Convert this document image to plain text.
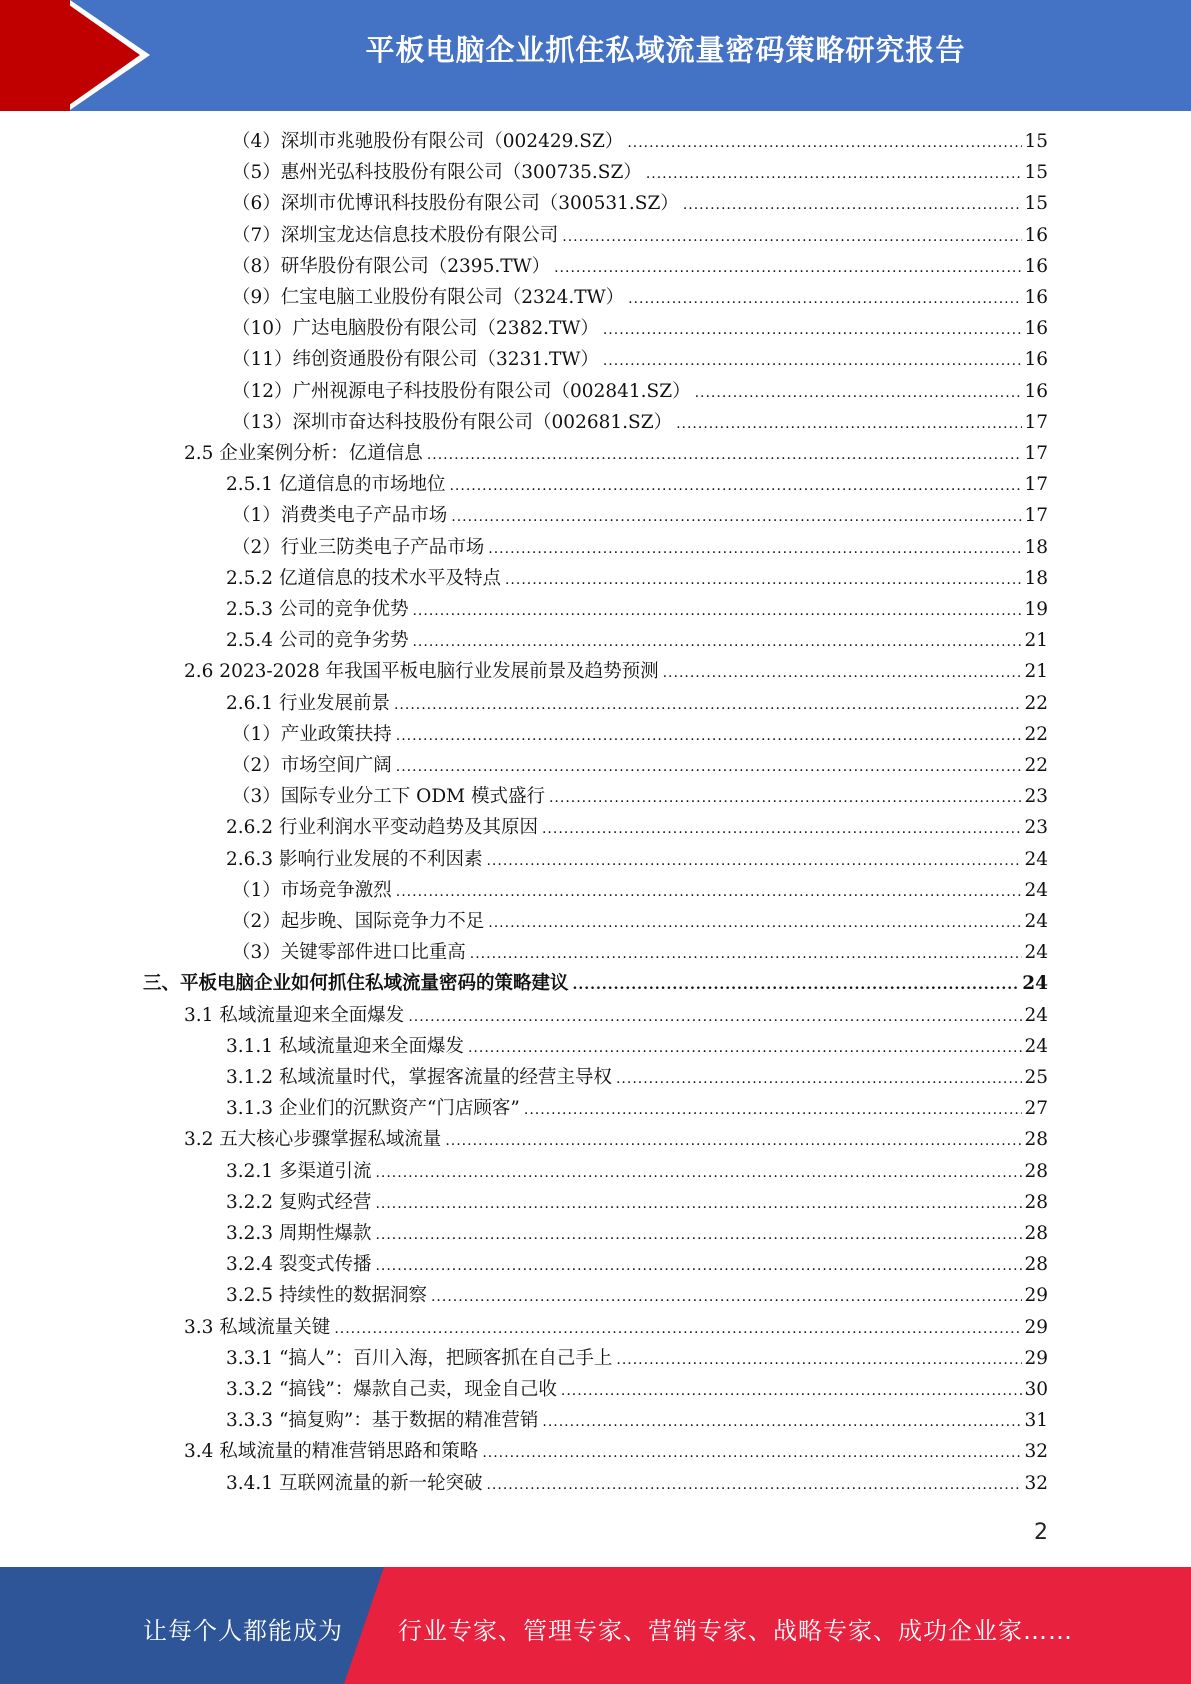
平板电脑企业抓住私域流量密码策略研究报告
（4）深圳市兆驰股份有限公司（002429.SZ） .....	15
（5）惠州光弘科技股份有限公司（300735.SZ） .....	15
（6）深圳市优博讯科技股份有限公司（300531.SZ） .....	15
（7）深圳宝龙达信息技术股份有限公司 .....	16
（8）研华股份有限公司（2395.TW） .....	16
（9）仁宝电脑工业股份有限公司（2324.TW） .....	16
（10）广达电脑股份有限公司（2382.TW） .....	16
（11）纬创资通股份有限公司（3231.TW） .....	16
（12）广州视源电子科技股份有限公司（002841.SZ） .....	16
（13）深圳市奋达科技股份有限公司（002681.SZ） .....	17
2.5 企业案例分析：亿道信息 .....	17
2.5.1 亿道信息的市场地位 .....	17
（1）消费类电子产品市场 .....	17
（2）行业三防类电子产品市场 .....	18
2.5.2 亿道信息的技术水平及特点 .....	18
2.5.3 公司的竞争优势 .....	19
2.5.4 公司的竞争劣势 .....	21
2.6 2023-2028 年我国平板电脑行业发展前景及趋势预测 .....	21
2.6.1 行业发展前景 .....	22
（1）产业政策扶持 .....	22
（2）市场空间广阔 .....	22
（3）国际专业分工下 ODM 模式盛行 .....	23
2.6.2 行业利润水平变动趋势及其原因 .....	23
2.6.3 影响行业发展的不利因素 .....	24
（1）市场竞争激烈 .....	24
（2）起步晚、国际竞争力不足 .....	24
（3）关键零部件进口比重高 .....	24
三、平板电脑企业如何抓住私域流量密码的策略建议 .....	24
3.1 私域流量迎来全面爆发 .....	24
3.1.1 私域流量迎来全面爆发 .....	24
3.1.2 私域流量时代，掌握客流量的经营主导权 .....	25
3.1.3 企业们的沉默资产“门店顾客” .....	27
3.2 五大核心步骤掌握私域流量 .....	28
3.2.1 多渠道引流 .....	28
3.2.2 复购式经营 .....	28
3.2.3 周期性爆款 .....	28
3.2.4 裂变式传播 .....	28
3.2.5 持续性的数据洞察 .....	29
3.3 私域流量关键 .....	29
3.3.1 “搞人”：百川入海，把顾客抓在自己手上 .....	29
3.3.2 “搞钱”：爆款自己卖，现金自己收 .....	30
3.3.3 “搞复购”：基于数据的精准营销 .....	31
3.4 私域流量的精准营销思路和策略 .....	32
3.4.1 互联网流量的新一轮突破 .....	32
2
让每个人都能成为 行业专家、管理专家、营销专家、战略专家、成功企业家……
